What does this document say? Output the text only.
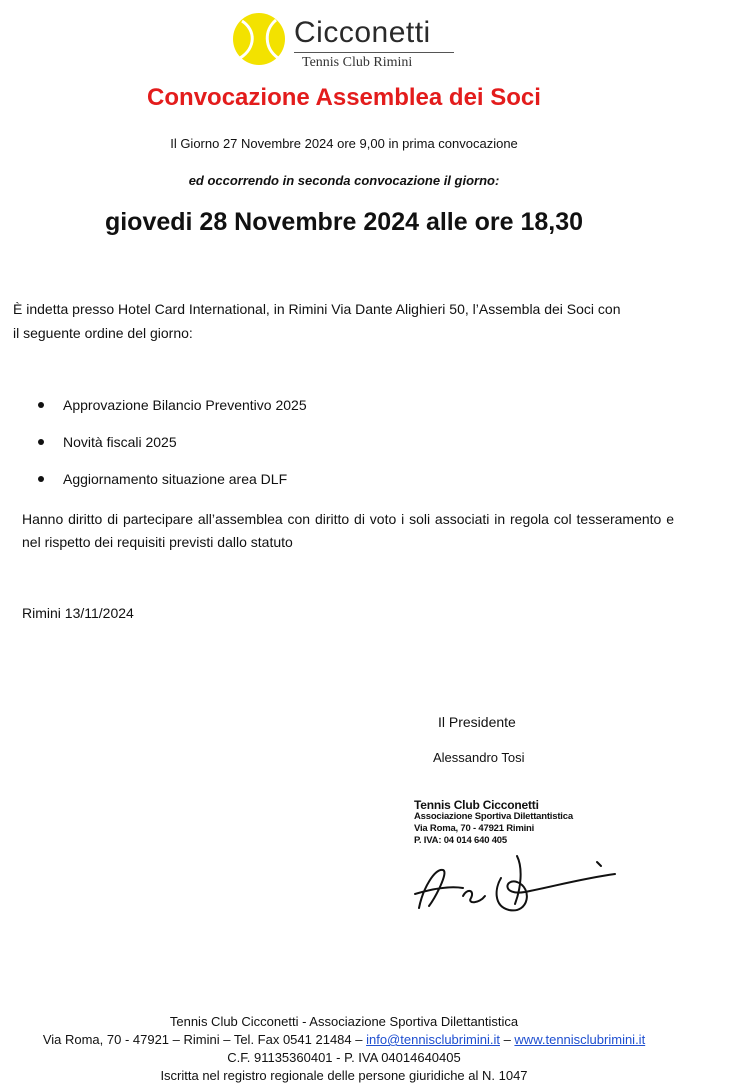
Cicconetti
Tennis Club Rimini
Convocazione Assemblea dei Soci
Il Giorno 27 Novembre 2024 ore 9,00 in prima convocazione
ed occorrendo in seconda convocazione il giorno:
giovedi 28 Novembre 2024 alle ore 18,30
È indetta presso Hotel Card International, in Rimini Via Dante Alighieri 50, l’Assembla dei Soci con
il seguente ordine del giorno:
Approvazione Bilancio Preventivo 2025
Novità fiscali 2025
Aggiornamento situazione area DLF
Hanno diritto di partecipare all’assemblea con diritto di voto i soli associati in regola col tesseramento e nel rispetto dei requisiti previsti dallo statuto
Rimini 13/11/2024
Il Presidente
Alessandro Tosi
Tennis Club Cicconetti
Associazione Sportiva Dilettantistica
Via Roma, 70 - 47921 Rimini
P. IVA: 04 014 640 405
Tennis Club Cicconetti - Associazione Sportiva Dilettantistica
Via Roma, 70 - 47921 – Rimini – Tel. Fax 0541 21484 – info@tennisclubrimini.it – www.tennisclubrimini.it
C.F. 91135360401 - P. IVA 04014640405
Iscritta nel registro regionale delle persone giuridiche al N. 1047
